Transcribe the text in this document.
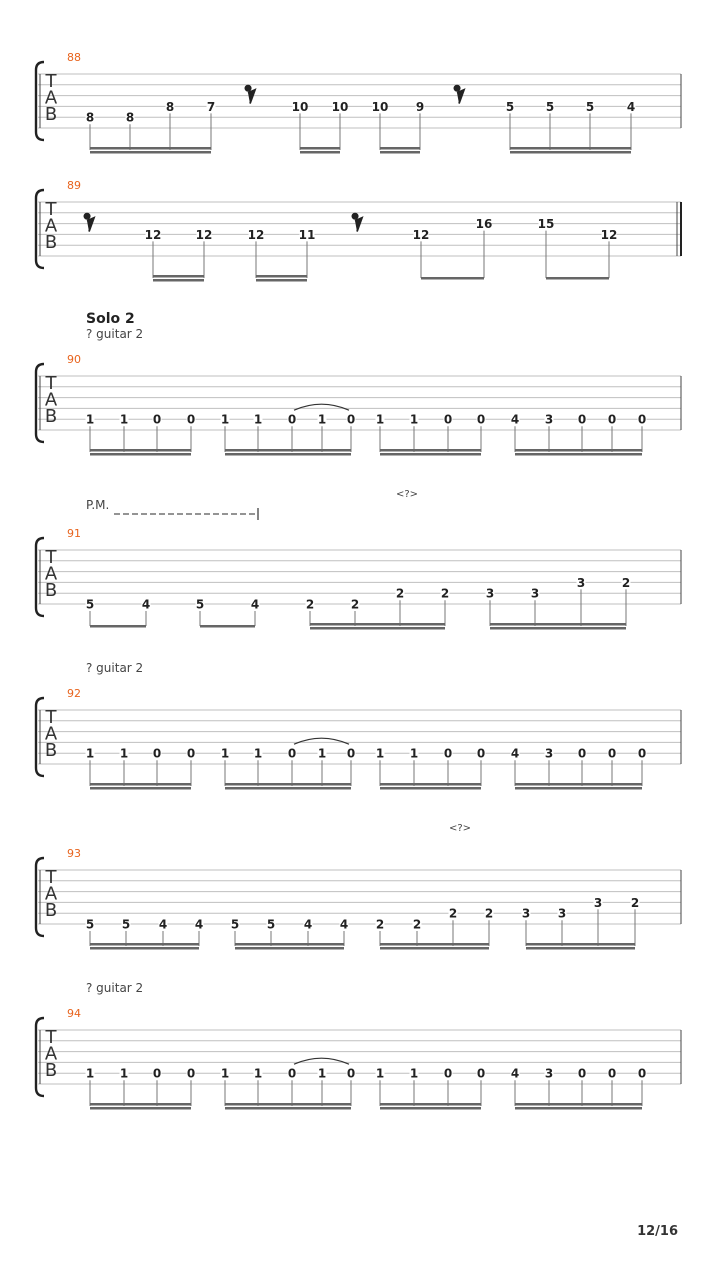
T
A
B
88
8	8
8	7	10 10 10 9	5	5	5	4
T
A
B
89
12	12	12	11	12
16	15
12
T
A
B
90
Solo 2
? guitar 2
1 1 0 0 1 1 0 1 0 1 1 0 0 4 3 0 0 0
T
A
B
91
<?>
P.M.
5	4	5	4	2	2
2	2	3	3
3	2
T
A
B
92
? guitar 2
1 1 0 0 1 1 0 1 0 1 1 0 0 4 3 0 0 0
T
A
B
93
<?>
5 5 4 4 5 5 4 4 2 2
2 2 3 3
3 2
T
A
B
94
? guitar 2
1 1 0 0 1 1 0 1 0 1 1 0 0 4 3 0 0 0
12/16
